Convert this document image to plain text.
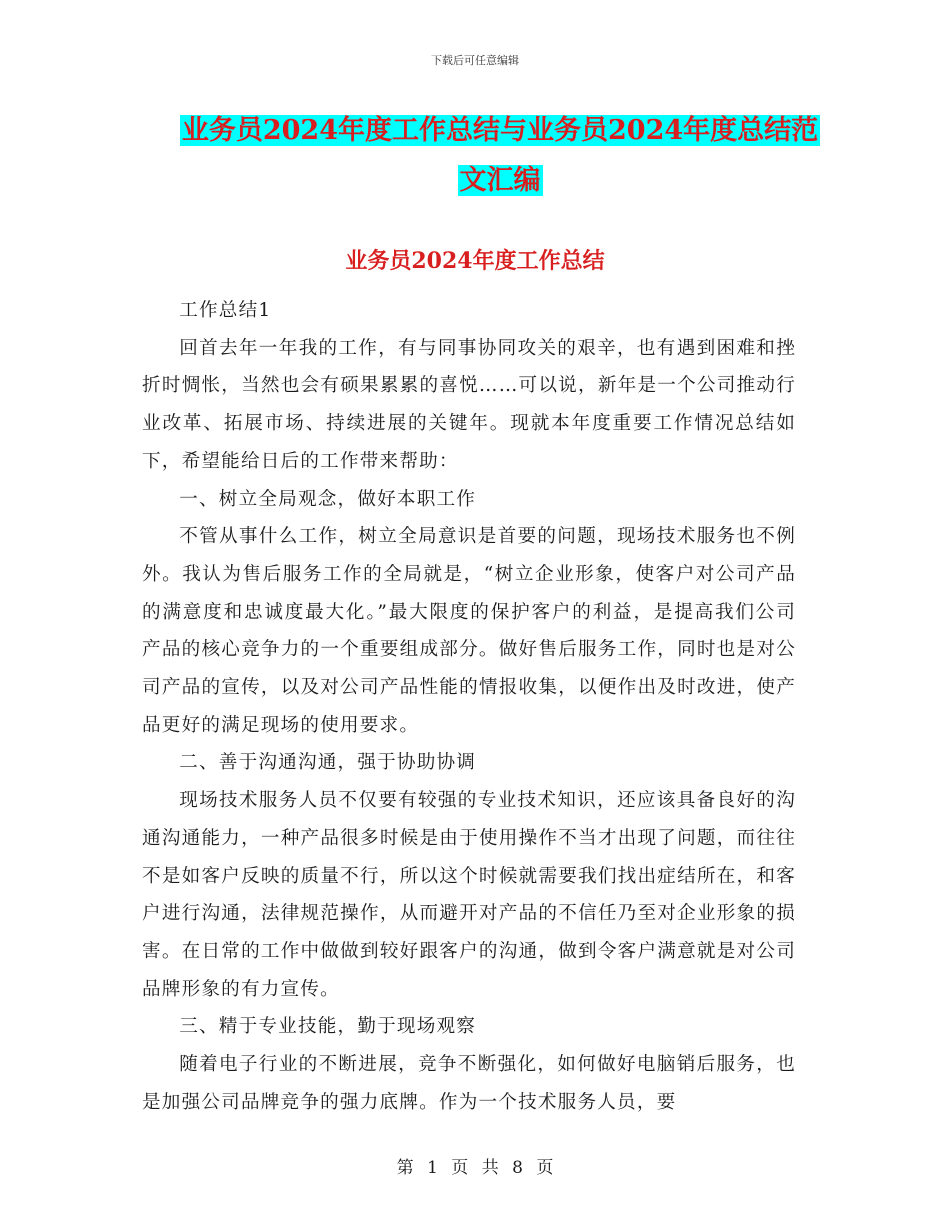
下载后可任意编辑
业务员2024年度工作总结与业务员2024年度总结范
文汇编
业务员2024年度工作总结

工作总结1

回首去年一年我的工作，有与同事协同攻关的艰辛，也有遇到困难和挫折时惆怅，当然也会有硕果累累的喜悦……可以说，新年是一个公司推动行业改革、拓展市场、持续进展的关键年。现就本年度重要工作情况总结如下，希望能给日后的工作带来帮助：

一、树立全局观念，做好本职工作

不管从事什么工作，树立全局意识是首要的问题，现场技术服务也不例外。我认为售后服务工作的全局就是，“树立企业形象，使客户对公司产品的满意度和忠诚度最大化。”最大限度的保护客户的利益，是提高我们公司产品的核心竞争力的一个重要组成部分。做好售后服务工作，同时也是对公司产品的宣传，以及对公司产品性能的情报收集，以便作出及时改进，使产品更好的满足现场的使用要求。

二、善于沟通沟通，强于协助协调

现场技术服务人员不仅要有较强的专业技术知识，还应该具备良好的沟通沟通能力，一种产品很多时候是由于使用操作不当才出现了问题，而往往不是如客户反映的质量不行，所以这个时候就需要我们找出症结所在，和客户进行沟通，法律规范操作，从而避开对产品的不信任乃至对企业形象的损害。在日常的工作中做做到较好跟客户的沟通，做到令客户满意就是对公司品牌形象的有力宣传。

三、精于专业技能，勤于现场观察

随着电子行业的不断进展，竞争不断强化，如何做好电脑销后服务，也是加强公司品牌竞争的强力底牌。作为一个技术服务人员，要

第 1 页 共 8 页
